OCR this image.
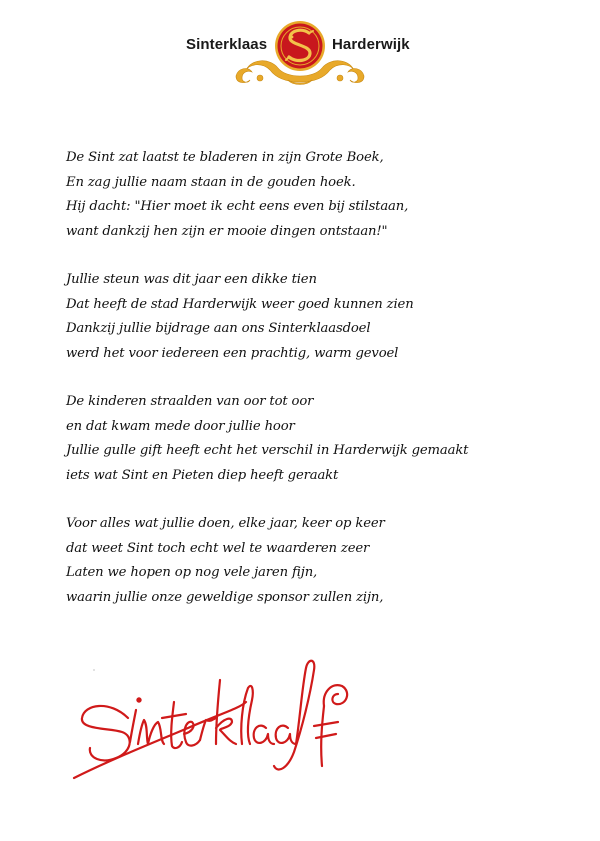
Sinterklaas	Harderwijk
De Sint zat laatst te bladeren in zijn Grote Boek,
En zag jullie naam staan in de gouden hoek.
Hij dacht: "Hier moet ik echt eens even bij stilstaan,
want dankzij hen zijn er mooie dingen ontstaan!"
Jullie steun was dit jaar een dikke tien
Dat heeft de stad Harderwijk weer goed kunnen zien
Dankzij jullie bijdrage aan ons Sinterklaasdoel
werd het voor iedereen een prachtig, warm gevoel
De kinderen straalden van oor tot oor
en dat kwam mede door jullie hoor
Jullie gulle gift heeft echt het verschil in Harderwijk gemaakt
iets wat Sint en Pieten diep heeft geraakt
Voor alles wat jullie doen, elke jaar, keer op keer
dat weet Sint toch echt wel te waarderen zeer
Laten we hopen op nog vele jaren fijn,
waarin jullie onze geweldige sponsor zullen zijn,
